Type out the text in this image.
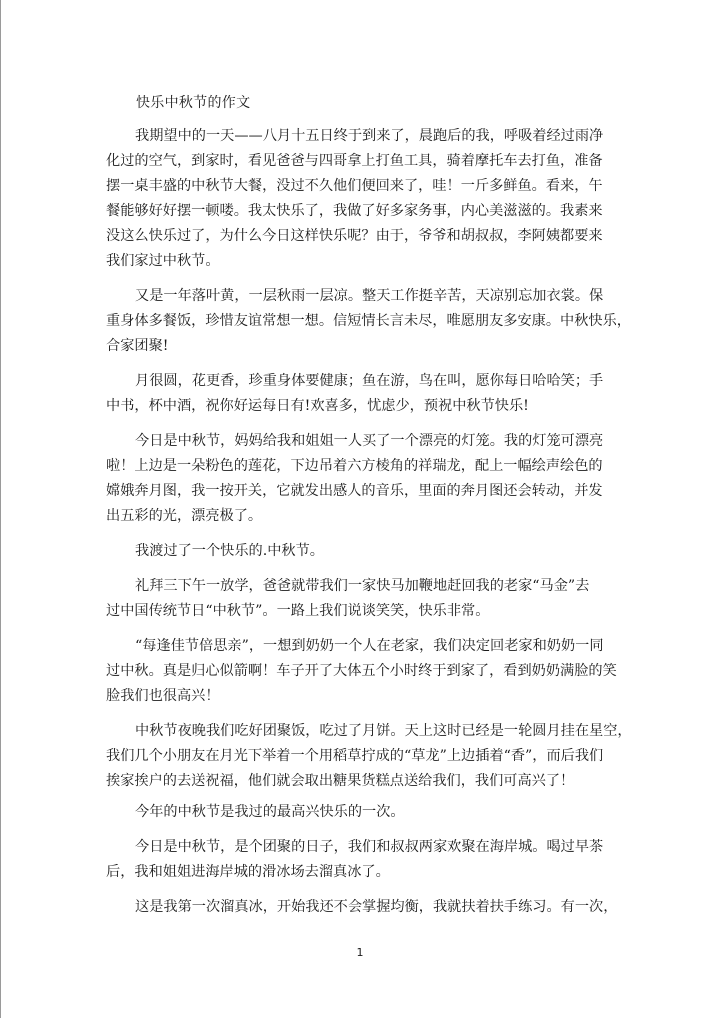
快乐中秋节的作文

我期望中的一天——八月十五日终于到来了，晨跑后的我，呼吸着经过雨净
化过的空气，到家时，看见爸爸与四哥拿上打鱼工具，骑着摩托车去打鱼，准备
摆一桌丰盛的中秋节大餐，没过不久他们便回来了，哇！一斤多鲜鱼。看来，午
餐能够好好摆一顿喽。我太快乐了，我做了好多家务事，内心美滋滋的。我素来
没这么快乐过了，为什么今日这样快乐呢？由于，爷爷和胡叔叔，李阿姨都要来
我们家过中秋节。

又是一年落叶黄，一层秋雨一层凉。整天工作挺辛苦，天凉别忘加衣裳。保
重身体多餐饭，珍惜友谊常想一想。信短情长言未尽，唯愿朋友多安康。中秋快乐，
合家团聚!

月很圆，花更香，珍重身体要健康；鱼在游，鸟在叫，愿你每日哈哈笑；手
中书，杯中酒，祝你好运每日有!欢喜多，忧虑少，预祝中秋节快乐!

今日是中秋节，妈妈给我和姐姐一人买了一个漂亮的灯笼。我的灯笼可漂亮
啦！上边是一朵粉色的莲花，下边吊着六方棱角的祥瑞龙，配上一幅绘声绘色的
嫦娥奔月图，我一按开关，它就发出感人的音乐，里面的奔月图还会转动，并发
出五彩的光，漂亮极了。

我渡过了一个快乐的.中秋节。

礼拜三下午一放学，爸爸就带我们一家快马加鞭地赶回我的老家“马金”去
过中国传统节日“中秋节”。一路上我们说谈笑笑，快乐非常。

“每逢佳节倍思亲”，一想到奶奶一个人在老家，我们决定回老家和奶奶一同
过中秋。真是归心似箭啊！车子开了大体五个小时终于到家了，看到奶奶满脸的笑
脸我们也很高兴！

中秋节夜晚我们吃好团聚饭，吃过了月饼。天上这时已经是一轮圆月挂在星空，
我们几个小朋友在月光下举着一个用稻草拧成的“草龙”上边插着“香”，而后我们
挨家挨户的去送祝福，他们就会取出糖果货糕点送给我们，我们可高兴了！

今年的中秋节是我过的最高兴快乐的一次。

今日是中秋节，是个团聚的日子，我们和叔叔两家欢聚在海岸城。喝过早茶
后，我和姐姐进海岸城的滑冰场去溜真冰了。

这是我第一次溜真冰，开始我还不会掌握均衡，我就扶着扶手练习。有一次，

1
